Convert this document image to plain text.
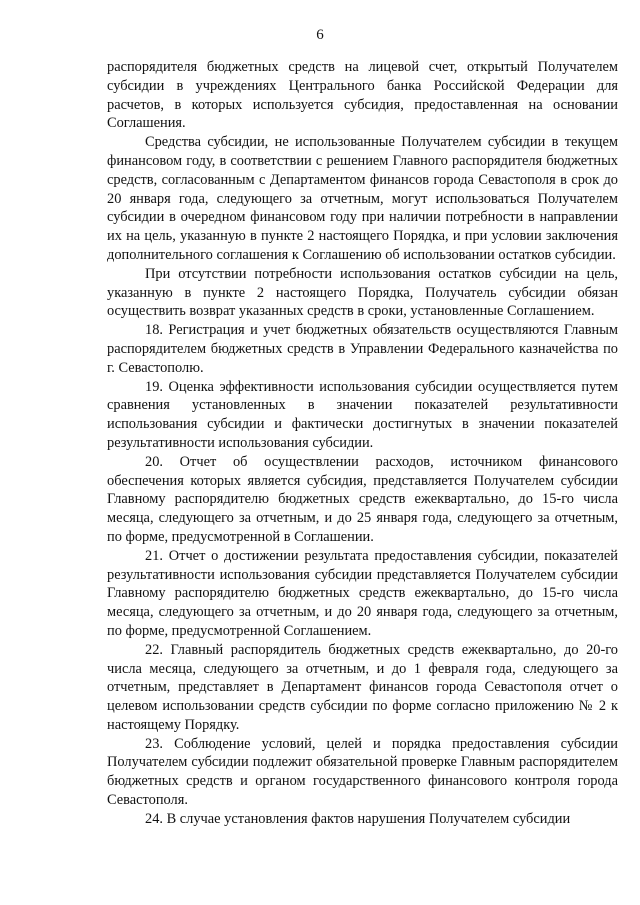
6

распорядителя бюджетных средств на лицевой счет, открытый Получателем субсидии в учреждениях Центрального банка Российской Федерации для расчетов, в которых используется субсидия, предоставленная на основании Соглашения.

Средства субсидии, не использованные Получателем субсидии в текущем финансовом году, в соответствии с решением Главного распорядителя бюджетных средств, согласованным с Департаментом финансов города Севастополя в срок до 20 января года, следующего за отчетным, могут использоваться Получателем субсидии в очередном финансовом году при наличии потребности в направлении их на цель, указанную в пункте 2 настоящего Порядка, и при условии заключения дополнительного соглашения к Соглашению об использовании остатков субсидии.

При отсутствии потребности использования остатков субсидии на цель, указанную в пункте 2 настоящего Порядка, Получатель субсидии обязан осуществить возврат указанных средств в сроки, установленные Соглашением.

18. Регистрация и учет бюджетных обязательств осуществляются Главным распорядителем бюджетных средств в Управлении Федерального казначейства по г. Севастополю.

19. Оценка эффективности использования субсидии осуществляется путем сравнения установленных в значении показателей результативности использования субсидии и фактически достигнутых в значении показателей результативности использования субсидии.

20. Отчет об осуществлении расходов, источником финансового обеспечения которых является субсидия, представляется Получателем субсидии Главному распорядителю бюджетных средств ежеквартально, до 15-го числа месяца, следующего за отчетным, и до 25 января года, следующего за отчетным, по форме, предусмотренной в Соглашении.

21. Отчет о достижении результата предоставления субсидии, показателей результативности использования субсидии представляется Получателем субсидии Главному распорядителю бюджетных средств ежеквартально, до 15-го числа месяца, следующего за отчетным, и до 20 января года, следующего за отчетным, по форме, предусмотренной Соглашением.

22. Главный распорядитель бюджетных средств ежеквартально, до 20-го числа месяца, следующего за отчетным, и до 1 февраля года, следующего за отчетным, представляет в Департамент финансов города Севастополя отчет о целевом использовании средств субсидии по форме согласно приложению № 2 к настоящему Порядку.

23. Соблюдение условий, целей и порядка предоставления субсидии Получателем субсидии подлежит обязательной проверке Главным распорядителем бюджетных средств и органом государственного финансового контроля города Севастополя.

24. В случае установления фактов нарушения Получателем субсидии
